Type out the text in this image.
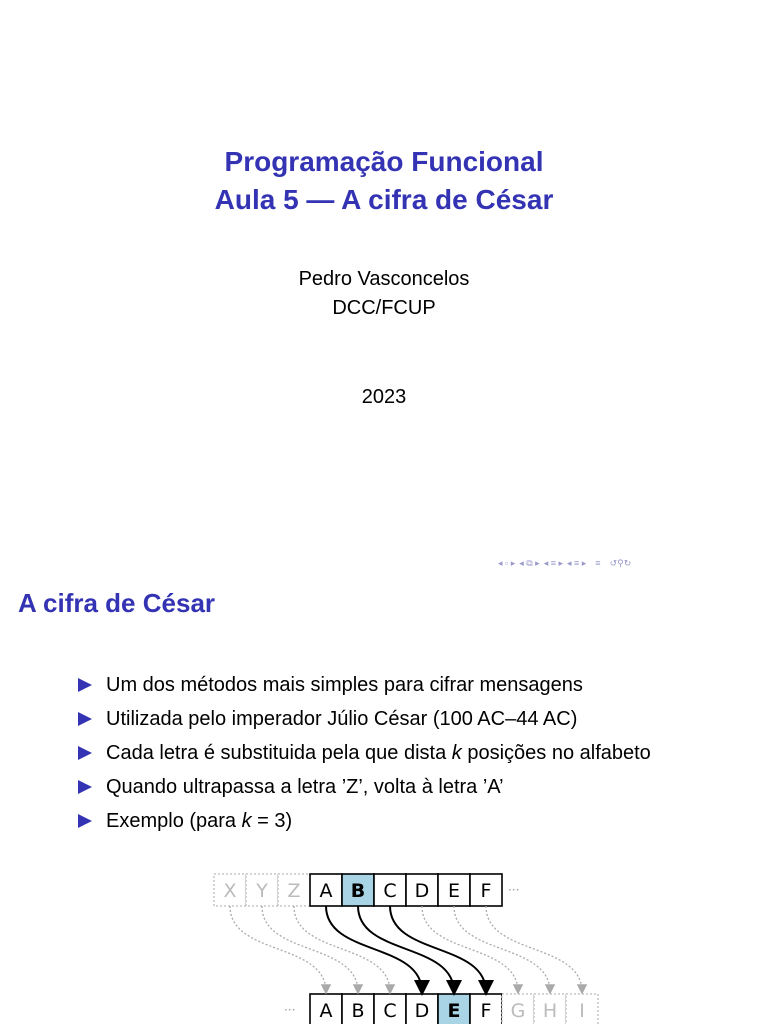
Programação Funcional
Aula 5 — A cifra de César
Pedro Vasconcelos
DCC/FCUP
2023
◂ ▫ ▸ ◂ ⧉ ▸ ◂ ≡ ▸ ◂ ≡ ▸ ≡ ↺⚲↻
A cifra de César
Um dos métodos mais simples para cifrar mensagens
Utilizada pelo imperador Júlio César (100 AC–44 AC)
Cada letra é substituida pela que dista k posições no alfabeto
Quando ultrapassa a letra ’Z’, volta à letra ’A’
Exemplo (para k = 3)
X Y Z A B C D E F
A B C D E F G H I
···
···
